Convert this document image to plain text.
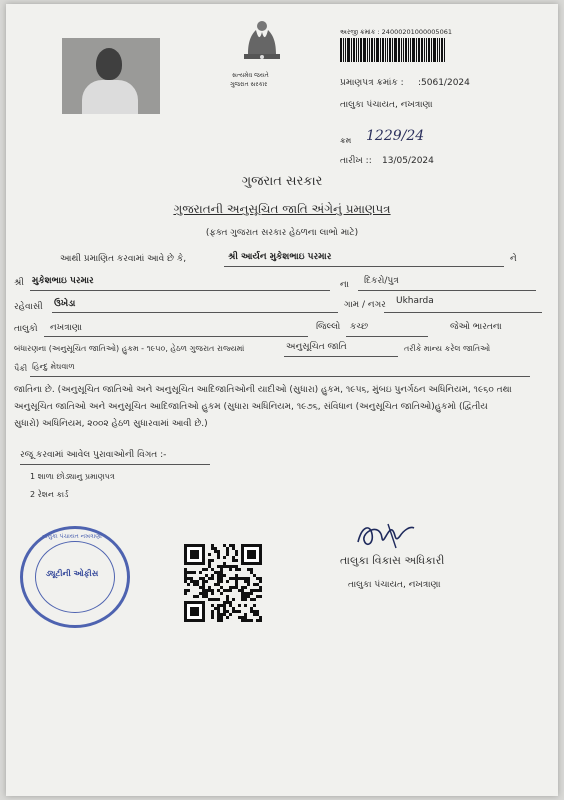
સત્યમેવ જયતે
ગુજરાત સરકાર
અરજી ક્રમાંક : 24000201000005061
પ્રમાણપત્ર ક્રમાંક : :5061/2024
તાલુકા પંચાયત, નખત્રાણા
ક્રમ 1229/24
તારીખ :: 13/05/2024
ગુજરાત સરકાર
ગુજરાતની અનુસૂચિત જાતિ અંગેનું પ્રમાણપત્ર
(ફક્ત ગુજરાત સરકાર હેઠળના લાભો માટે)
આથી પ્રમાણિત કરવામાં આવે છે કે,	શ્રી આર્યન મુકેશભાઇ પરમાર	ને
શ્રી મુકેશભાઇ પરમાર	ના દિકરો/પુત્ર
રહેવાસી ઉખેડા	ગામ / નગર Ukharda
તાલુકો નખત્રાણા	જિલ્લો કચ્છ	જેઓ ભારતના
બંધારણના (અનુસૂચિત જાતિઓ) હુકમ - ૧૯૫૦, હેઠળ ગુજરાત રાજ્યમાં	અનુસૂચિત જાતિ	તરીકે માન્ય કરેલ જાતિઓ
પૈકી હિન્દુ મેઘવાળ
જાતિના છે. (અનુસૂચિત જાતિઓ અને અનુસૂચિત આદિજાતિઓની યાદીઓ (સુધારા) હુકમ, ૧૯૫૬, મુંબઇ પુનર્ગઠન અધિનિયમ, ૧૯૬૦ તથા અનુસૂચિત જાતિઓ અને અનુસૂચિત આદિજાતિઓ હુકમ (સુધારા અધિનિયમ, ૧૯૭૬, સંવિધાન (અનુસૂચિત જાતિઓ)હુકમો (દ્વિતીય સુધારો) અધિનિયમ, ૨૦૦૨ હેઠળ સુધારવામાં આવી છે.)
રજૂ કરવામાં આવેલ પુરાવાઓની વિગત :-
1 શાળા છોડ્યાનુ પ્રમાણપત્ર
2 રેશન કાર્ડ
તાલુકા પંચાયત નખત્રાણા
ડ્યૂટીની ઓફીસ
તાલુકા વિકાસ અધિકારી
તાલુકા પંચાયત, નખત્રાણા
